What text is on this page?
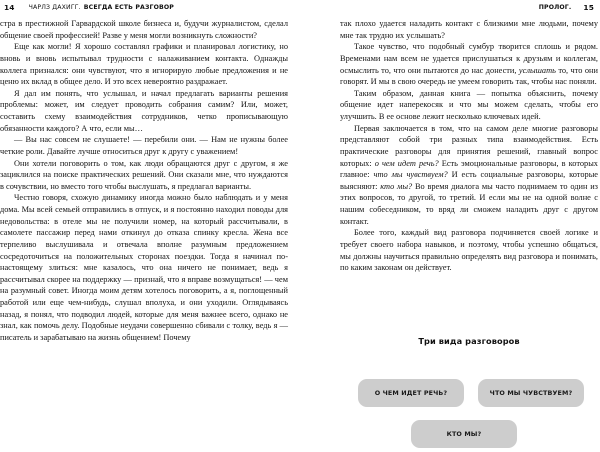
14 ЧАРЛЗ ДАХИГГ. ВСЕГДА ЕСТЬ РАЗГОВОР	ПРОЛОГ. 15

стра в престижной Гарвардской школе бизнеса и, будучи журналистом, сделал общение своей профессией! Разве у меня могли возникнуть сложности?

Еще как могли! Я хорошо составлял графики и планировал логистику, но вновь и вновь испытывал трудности с налаживанием контакта. Однажды коллега признался: они чувствуют, что я игнорирую любые предложения и не ценю их вклад в общее дело. И это всех невероятно раздражает.

Я дал им понять, что услышал, и начал предлагать варианты решения проблемы: может, им следует проводить собрания самим? Или, может, составить схему взаимодействия сотрудников, четко прописывающую обязанности каждого? А что, если мы…

— Вы нас совсем не слушаете! — перебили они. — Нам не нужны более четкие роли. Давайте лучше относиться друг к другу с уважением!

Они хотели поговорить о том, как люди обращаются друг с другом, я же зациклился на поиске практических решений. Они сказали мне, что нуждаются в сочувствии, но вместо того чтобы выслушать, я предлагал варианты.

Честно говоря, схожую динамику иногда можно было наблюдать и у меня дома. Мы всей семьей отправились в отпуск, и я постоянно находил поводы для недовольства: в отеле мы не получили номер, на который рассчитывали, в самолете пассажир перед нами откинул до отказа спинку кресла. Жена все терпеливо выслушивала и отвечала вполне разумным предложением сосредоточиться на положительных сторонах поездки. Тогда я начинал по-настоящему злиться: мне казалось, что она ничего не понимает, ведь я рассчитывал скорее на поддержку — признай, что я вправе возмущаться! — чем на разумный совет. Иногда моим детям хотелось поговорить, а я, поглощенный работой или еще чем-нибудь, слушал вполуха, и они уходили. Оглядываясь назад, я понял, что подводил людей, которые для меня важнее всего, однако не знал, как помочь делу. Подобные неудачи совершенно сбивали с толку, ведь я — писатель и зарабатываю на жизнь общением! Почему

так плохо удается наладить контакт с близкими мне людьми, почему мне так трудно их услышать?

Такое чувство, что подобный сумбур творится сплошь и рядом. Временами нам всем не удается прислушаться к друзьям и коллегам, осмыслить то, что они пытаются до нас донести, услышать то, что они говорят. И мы в свою очередь не умеем говорить так, чтобы нас поняли.

Таким образом, данная книга — попытка объяснить, почему общение идет наперекосяк и что мы можем сделать, чтобы его улучшить. В ее основе лежит несколько ключевых идей.

Первая заключается в том, что на самом деле многие разговоры представляют собой три разных типа взаимодействия. Есть практические разговоры для принятия решений, главный вопрос которых: о чем идет речь? Есть эмоциональные разговоры, в которых главное: что мы чувствуем? И есть социальные разговоры, которые выясняют: кто мы? Во время диалога мы часто поднимаем то один из этих вопросов, то другой, то третий. И если мы не на одной волне с нашим собеседником, то вряд ли сможем наладить друг с другом контакт.

Более того, каждый вид разговора подчиняется своей логике и требует своего набора навыков, и поэтому, чтобы успешно общаться, мы должны научиться правильно определять вид разговора и понимать, по каким законам он действует.

Три вида разговоров
О ЧЕМ ИДЕТ РЕЧЬ?	ЧТО МЫ ЧУВСТВУЕМ?
КТО МЫ?
